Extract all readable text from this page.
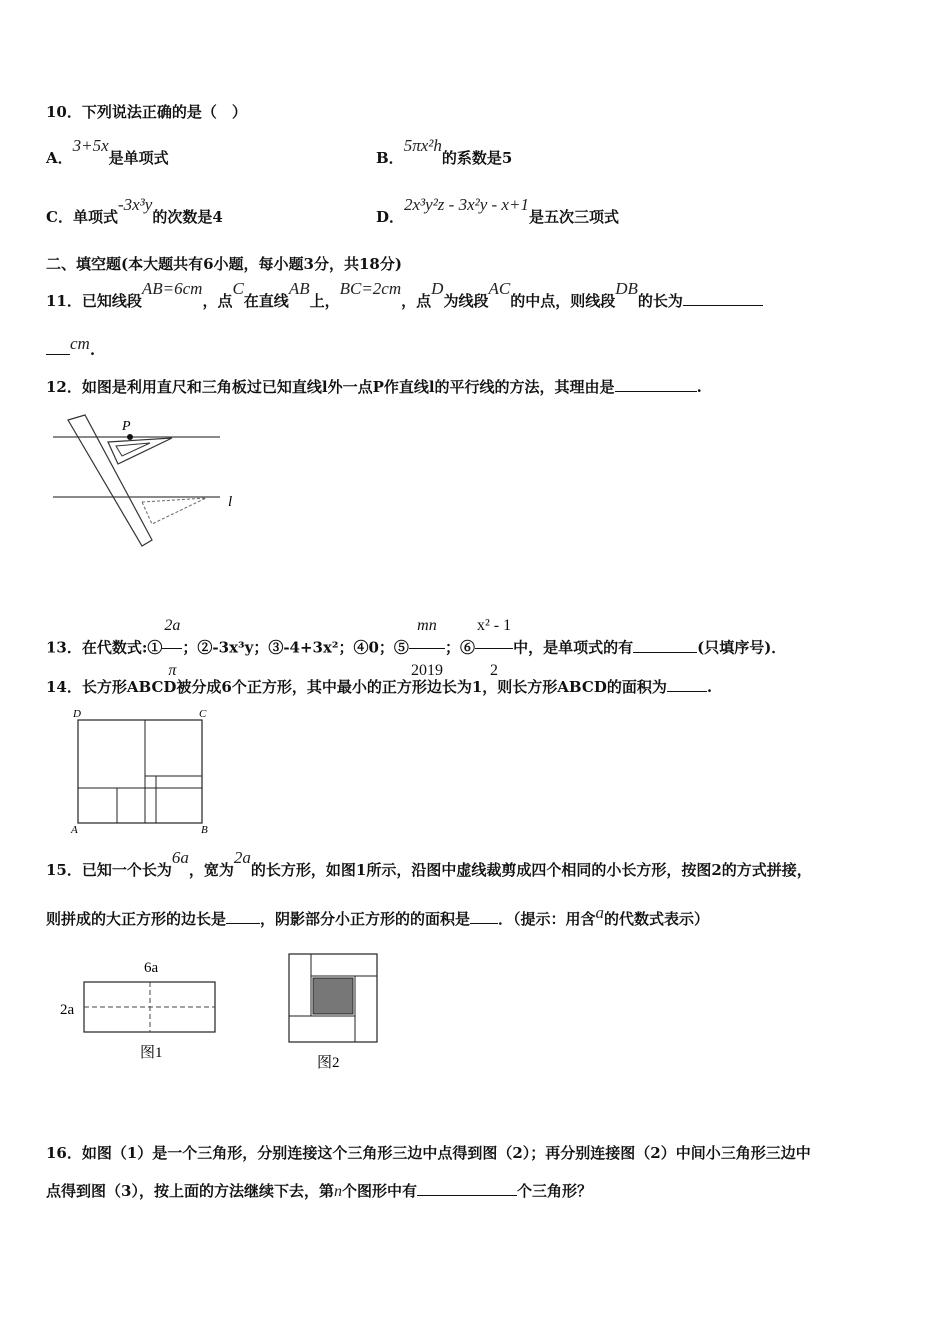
10．下列说法正确的是（　）
A．3+5x是单项式	B．5πx²h的系数是5
C．单项式-3x³y的次数是4	D．2x³y²z - 3x²y - x+1是五次三项式
二、填空题(本大题共有6小题，每小题3分，共18分)
11．已知线段AB=6cm，点C在直线AB上，BC=2cm，点D为线段AC的中点，则线段DB的长为
cm.
12．如图是利用直尺和三角板过已知直线l外一点P作直线l的平行线的方法，其理由是	.
P
l
13．在代数式:① $\frac{2a}{\pi}$ ；②-3x³y；③-4+3x²；④0；⑤ $\frac{mn}{2019}$ ；⑥ $\frac{\text{x² - 1}}{2}$ 中，是单项式的有	(只填序号)．
14．长方形ABCD被分成6个正方形，其中最小的正方形边长为1，则长方形ABCD的面积为	.
D	C
A	B
15．已知一个长为6a，宽为2a的长方形，如图1所示，沿图中虚线裁剪成四个相同的小长方形，按图2的方式拼接，
则拼成的大正方形的边长是 ，阴影部分小正方形的的面积是 ．（提示：用含a的代数式表示）
6a
2a
图1
图2
16．如图（1）是一个三角形，分别连接这个三角形三边中点得到图（2）；再分别连接图（2）中间小三角形三边中
点得到图（3），按上面的方法继续下去，第n个图形中有	个三角形？
